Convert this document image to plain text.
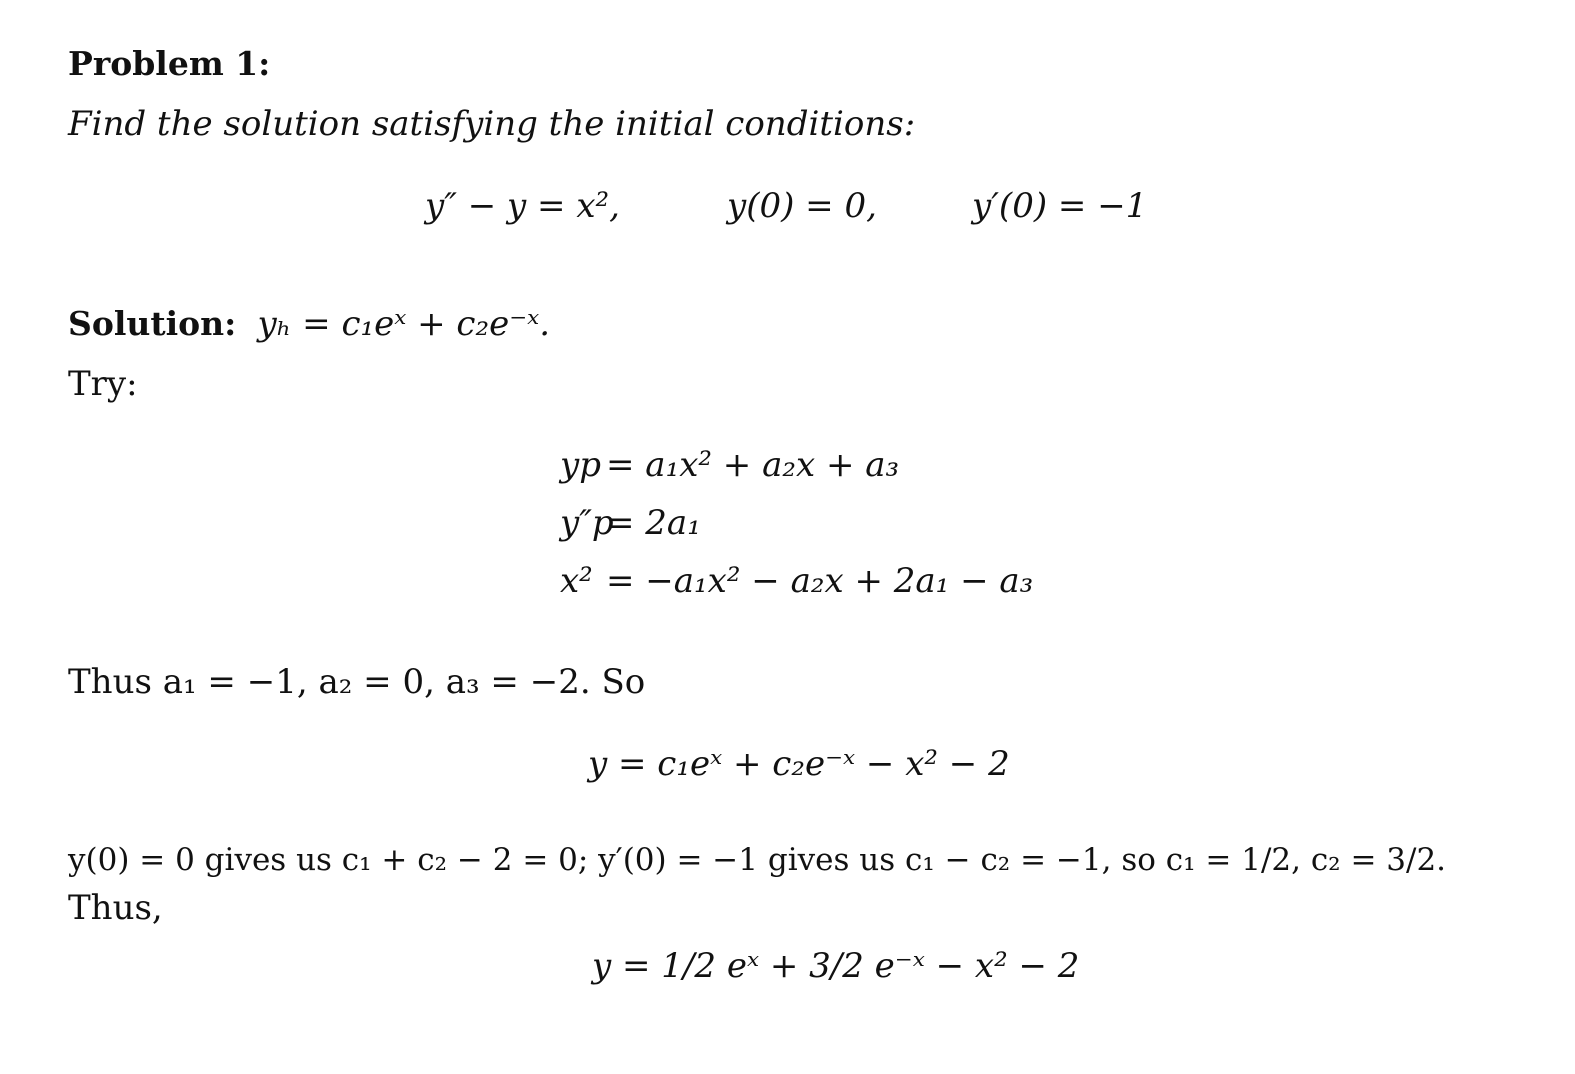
Problem 1:
Find the solution satisfying the initial conditions:
y″ − y = x²,	y(0) = 0,	y′(0) = −1
Solution: yₕ = c₁eˣ + c₂e⁻ˣ.
Try:
yp = a₁x² + a₂x + a₃
y″p
= 2a₁
x² = −a₁x² − a₂x + 2a₁ − a₃
Thus a₁ = −1, a₂ = 0, a₃ = −2. So
y = c₁eˣ + c₂e⁻ˣ − x² − 2
y(0) = 0 gives us c₁ + c₂ − 2 = 0; y′(0) = −1 gives us c₁ − c₂ = −1, so c₁ = 1/2, c₂ = 3/2.
Thus,
y = 1/2 eˣ + 3/2 e⁻ˣ − x² − 2
